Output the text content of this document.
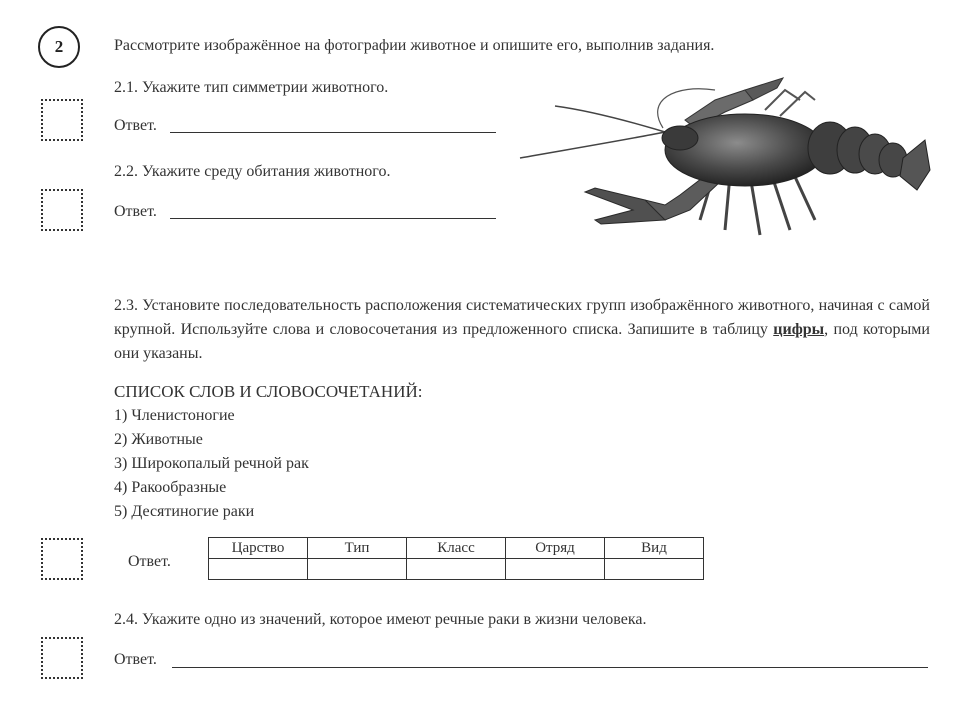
2	Рассмотрите изображённое на фотографии животное и опишите его, выполнив задания.
2.1. Укажите тип симметрии животного.
Ответ.
2.2. Укажите среду обитания животного.
Ответ.
2.3. Установите последовательность расположения систематических групп изображённого животного, начиная с самой крупной. Используйте слова и словосочетания из предложенного списка. Запишите в таблицу цифры, под которыми они указаны.
СПИСОК СЛОВ И СЛОВОСОЧЕТАНИЙ:
1) Членистоногие
2) Животные
3) Широкопалый речной рак
4) Ракообразные
5) Десятиногие раки
Ответ.
Царство	Тип	Класс	Отряд	Вид

2.4. Укажите одно из значений, которое имеют речные раки в жизни человека.
Ответ.
